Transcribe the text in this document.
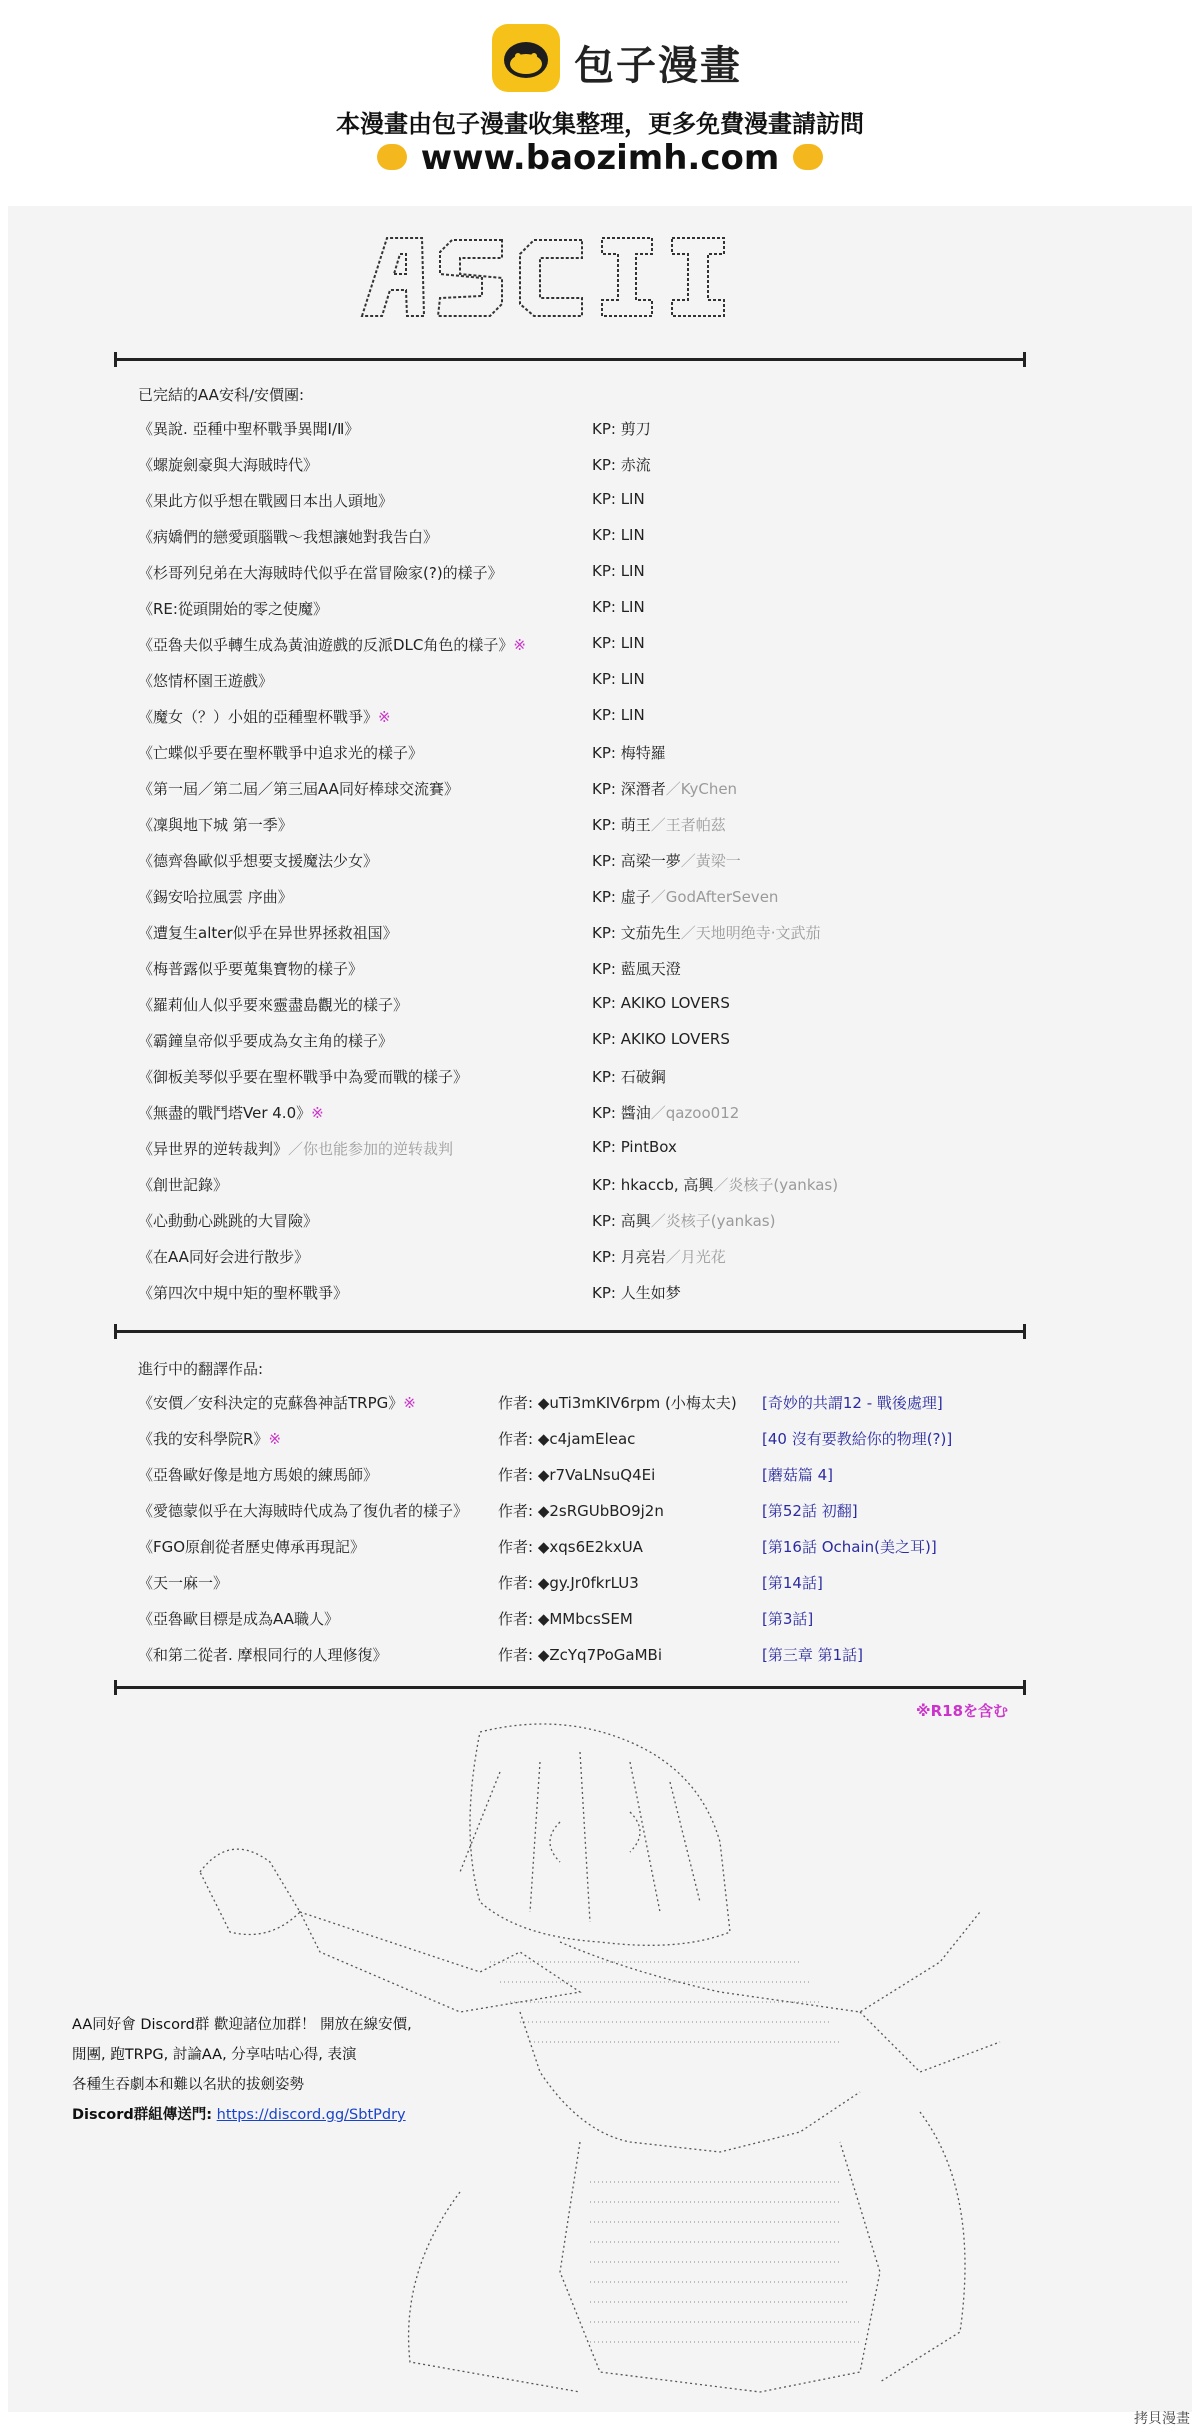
包子漫畫
本漫畫由包子漫畫收集整理，更多免費漫畫請訪問
www.baozimh.com
已完結的AA安科/安價團:
《異說. 亞種中聖杯戰爭異聞Ⅰ/Ⅱ》	KP: 剪刀
《螺旋劍豪與大海賊時代》	KP: 赤流
《果此方似乎想在戰國日本出人頭地》	KP: LIN
《病嬌們的戀愛頭腦戰～我想讓她對我告白》	KP: LIN
《杉哥列兒弟在大海賊時代似乎在當冒險家(?)的樣子》	KP: LIN
《RE:從頭開始的零之使魔》	KP: LIN
《亞魯夫似乎轉生成為黃油遊戲的反派DLC角色的樣子》※	KP: LIN
《悠情杯園王遊戲》	KP: LIN
《魔女（？）小姐的亞種聖杯戰爭》※	KP: LIN
《亡蝶似乎要在聖杯戰爭中追求光的樣子》	KP: 梅特羅
《第一屆／第二屆／第三屆AA同好棒球交流賽》	KP: 深潛者／KyChen
《凜與地下城 第一季》	KP: 萌王／王者帕茲
《德齊魯歐似乎想要支援魔法少女》	KP: 高梁一夢／黃梁一
《錫安哈拉風雲 序曲》	KP: 虛子／GodAfterSeven
《遭复生alter似乎在异世界拯救祖国》	KP: 文茄先生／天地明绝寺·文武茄
《梅普露似乎要蒐集寶物的樣子》	KP: 藍風天澄
《羅莉仙人似乎要來靈盡島觀光的樣子》	KP: AKIKO LOVERS
《霸鐘皇帝似乎要成為女主角的樣子》	KP: AKIKO LOVERS
《御板美琴似乎要在聖杯戰爭中為愛而戰的樣子》	KP: 石破鋼
《無盡的戰鬥塔Ver 4.0》※	KP: 醬油／qazoo012
《异世界的逆转裁判》／你也能参加的逆转裁判	KP: PintBox
《創世記錄》	KP: hkaccb, 高興／炎核子(yankas)
《心動動心跳跳的大冒險》	KP: 高興／炎核子(yankas)
《在AA同好会进行散步》	KP: 月亮岩／月光花
《第四次中規中矩的聖杯戰爭》	KP: 人生如梦
進行中的翻譯作品:
《安價／安科決定的克蘇魯神話TRPG》※	作者: ◆uTi3mKIV6rpm (小梅太夫) [奇妙的共謂12 - 戰後處理]
《我的安科學院R》※	作者: ◆c4jamEleac	[40 沒有要教給你的物理(?)]
《亞魯歐好像是地方馬娘的練馬師》	作者: ◆r7VaLNsuQ4Ei	[蘑菇篇 4]
《愛德蒙似乎在大海賊時代成為了復仇者的樣子》 作者: ◆2sRGUbBO9j2n	[第52話 初翻]
《FGO原創從者歷史傳承再現記》	作者: ◆xqs6E2kxUA	[第16話 Ochain(美之耳)]
《天一麻一》	作者: ◆gy.Jr0fkrLU3	[第14話]
《亞魯歐目標是成為AA職人》	作者: ◆MMbcsSEM	[第3話]
《和第二從者. 摩根同行的人理修復》	作者: ◆ZcYq7PoGaMBi	[第三章 第1話]
※R18を含む
AA同好會 Discord群 歡迎諸位加群！ 開放在線安價,
閒團, 跑TRPG, 討論AA, 分享咕咕心得, 表演
各種生吞劇本和難以名狀的拔劍姿勢
Discord群組傳送門: https://discord.gg/SbtPdry
拷貝漫畫
